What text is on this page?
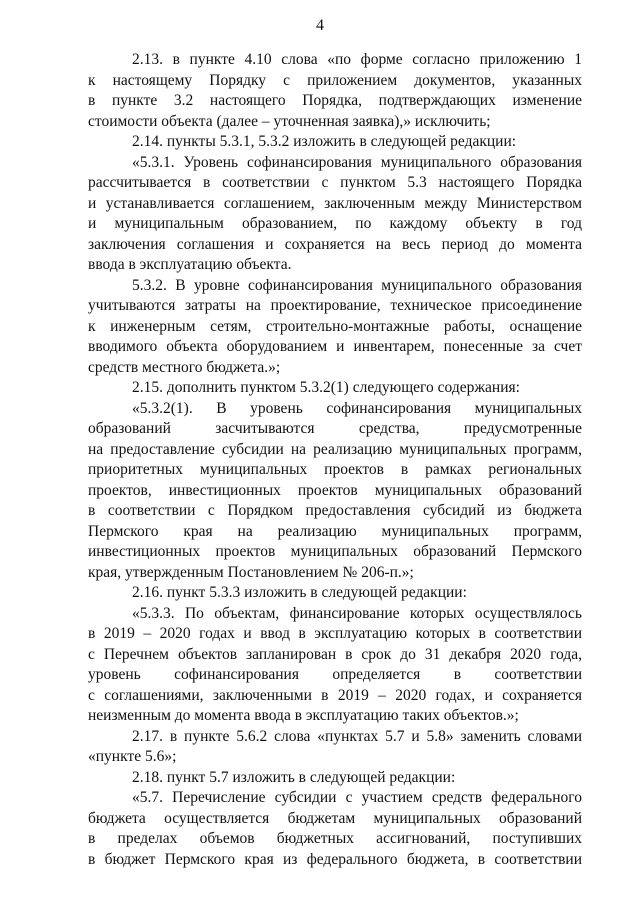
4
2.13. в пункте 4.10 слова «по форме согласно приложению 1
к настоящему Порядку с приложением документов, указанных
в пункте 3.2 настоящего Порядка, подтверждающих изменение
стоимости объекта (далее – уточненная заявка),» исключить;
2.14. пункты 5.3.1, 5.3.2 изложить в следующей редакции:
«5.3.1. Уровень софинансирования муниципального образования
рассчитывается в соответствии с пунктом 5.3 настоящего Порядка
и устанавливается соглашением, заключенным между Министерством
и муниципальным образованием, по каждому объекту в год
заключения соглашения и сохраняется на весь период до момента
ввода в эксплуатацию объекта.
5.3.2. В уровне софинансирования муниципального образования
учитываются затраты на проектирование, техническое присоединение
к инженерным сетям, строительно-монтажные работы, оснащение
вводимого объекта оборудованием и инвентарем, понесенные за счет
средств местного бюджета.»;
2.15. дополнить пунктом 5.3.2(1) следующего содержания:
«5.3.2(1). В уровень софинансирования муниципальных
образований засчитываются средства, предусмотренные
на предоставление субсидии на реализацию муниципальных программ,
приоритетных муниципальных проектов в рамках региональных
проектов, инвестиционных проектов муниципальных образований
в соответствии с Порядком предоставления субсидий из бюджета
Пермского края на реализацию муниципальных программ,
инвестиционных проектов муниципальных образований Пермского
края, утвержденным Постановлением № 206-п.»;
2.16. пункт 5.3.3 изложить в следующей редакции:
«5.3.3. По объектам, финансирование которых осуществлялось
в 2019 – 2020 годах и ввод в эксплуатацию которых в соответствии
с Перечнем объектов запланирован в срок до 31 декабря 2020 года,
уровень софинансирования определяется в соответствии
с соглашениями, заключенными в 2019 – 2020 годах, и сохраняется
неизменным до момента ввода в эксплуатацию таких объектов.»;
2.17. в пункте 5.6.2 слова «пунктах 5.7 и 5.8» заменить словами
«пункте 5.6»;
2.18. пункт 5.7 изложить в следующей редакции:
«5.7. Перечисление субсидии с участием средств федерального
бюджета осуществляется бюджетам муниципальных образований
в пределах объемов бюджетных ассигнований, поступивших
в бюджет Пермского края из федерального бюджета, в соответствии
